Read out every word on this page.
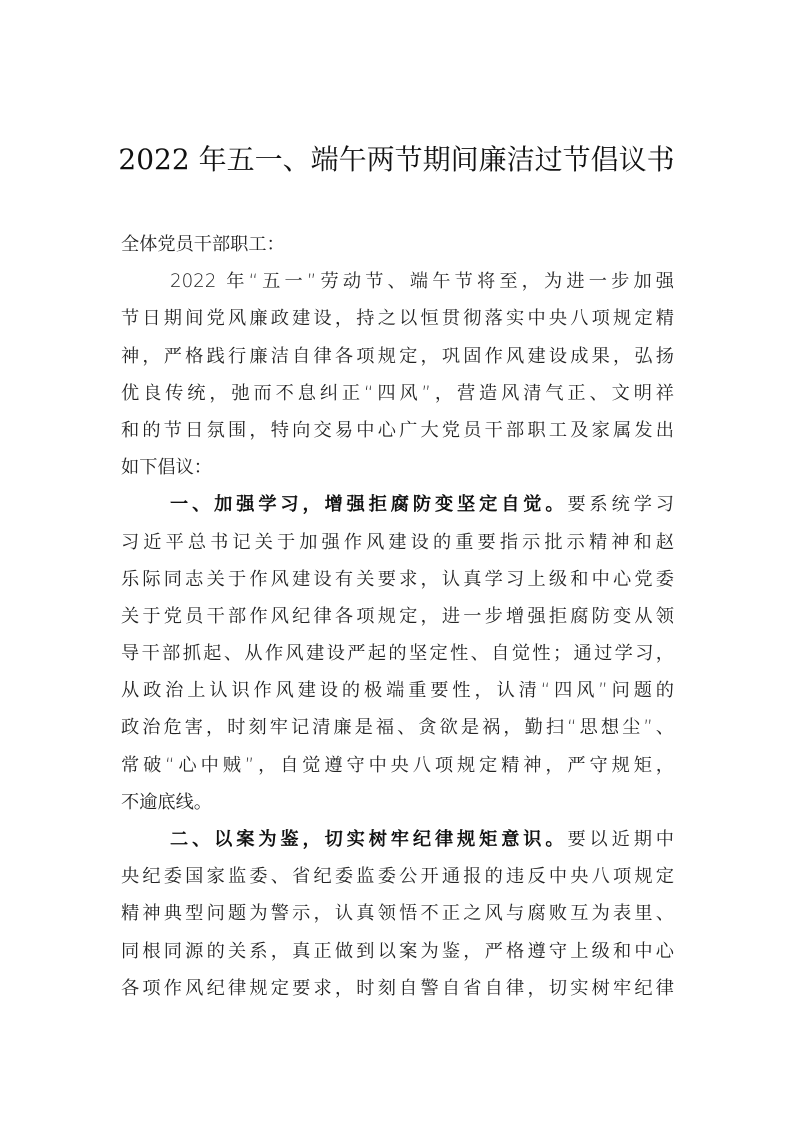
2022 年五一、端午两节期间廉洁过节倡议书
全体党员干部职工：
2022 年“五一”劳动节、端午节将至，为进一步加强
节日期间党风廉政建设，持之以恒贯彻落实中央八项规定精
神，严格践行廉洁自律各项规定，巩固作风建设成果，弘扬
优良传统，弛而不息纠正“四风”，营造风清气正、文明祥
和的节日氛围，特向交易中心广大党员干部职工及家属发出
如下倡议：
一、加强学习，增强拒腐防变坚定自觉。要系统学习
习近平总书记关于加强作风建设的重要指示批示精神和赵
乐际同志关于作风建设有关要求，认真学习上级和中心党委
关于党员干部作风纪律各项规定，进一步增强拒腐防变从领
导干部抓起、从作风建设严起的坚定性、自觉性；通过学习，
从政治上认识作风建设的极端重要性，认清“四风”问题的
政治危害，时刻牢记清廉是福、贪欲是祸，勤扫“思想尘”、
常破“心中贼”，自觉遵守中央八项规定精神，严守规矩，
不逾底线。
二、以案为鉴，切实树牢纪律规矩意识。要以近期中
央纪委国家监委、省纪委监委公开通报的违反中央八项规定
精神典型问题为警示，认真领悟不正之风与腐败互为表里、
同根同源的关系，真正做到以案为鉴，严格遵守上级和中心
各项作风纪律规定要求，时刻自警自省自律，切实树牢纪律
